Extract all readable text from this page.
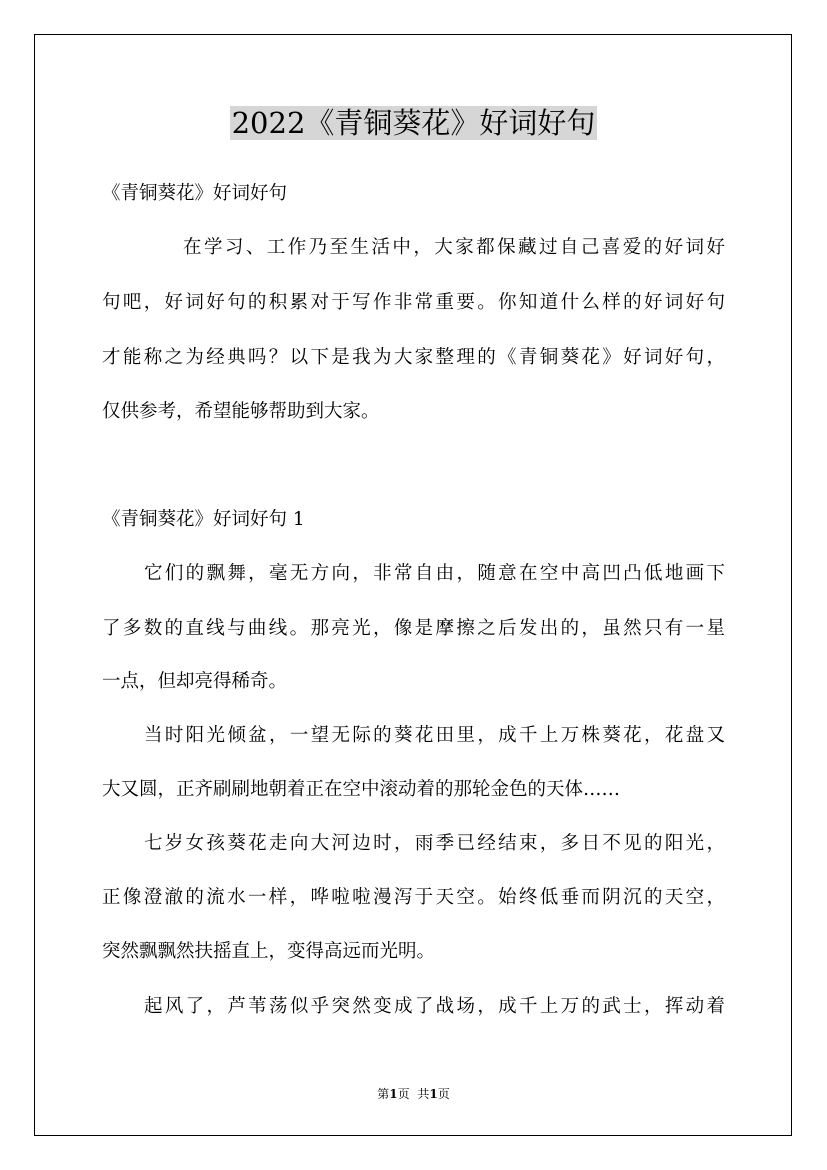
2022《青铜葵花》好词好句
《青铜葵花》好词好句
在学习、工作乃至生活中，大家都保藏过自己喜爱的好词好
句吧，好词好句的积累对于写作非常重要。你知道什么样的好词好句
才能称之为经典吗？以下是我为大家整理的《青铜葵花》好词好句，
仅供参考，希望能够帮助到大家。
《青铜葵花》好词好句 1
它们的飘舞，毫无方向，非常自由，随意在空中高凹凸低地画下
了多数的直线与曲线。那亮光，像是摩擦之后发出的，虽然只有一星
一点，但却亮得稀奇。
当时阳光倾盆，一望无际的葵花田里，成千上万株葵花，花盘又
大又圆，正齐刷刷地朝着正在空中滚动着的那轮金色的天体……
七岁女孩葵花走向大河边时，雨季已经结束，多日不见的阳光，
正像澄澈的流水一样，哗啦啦漫泻于天空。始终低垂而阴沉的天空，
突然飘飘然扶摇直上，变得高远而光明。
起风了，芦苇荡似乎突然变成了战场，成千上万的武士，挥动着
第1页 共1页
